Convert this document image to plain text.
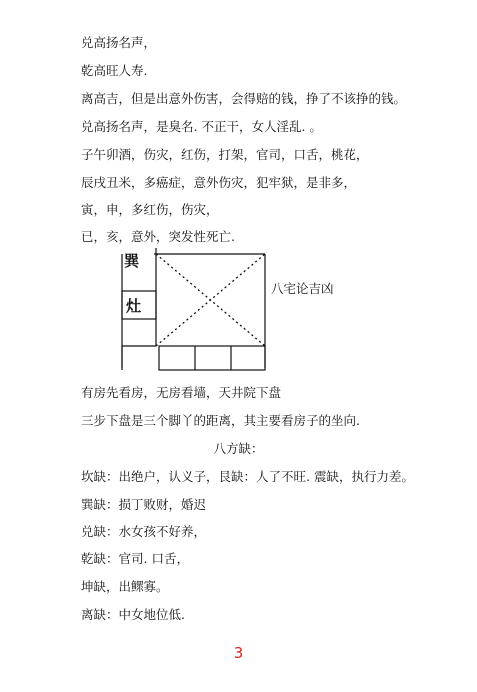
兑高扬名声，
乾高旺人寿.
离高吉，但是出意外伤害，会得赔的钱，挣了不该挣的钱。
兑高扬名声，是臭名. 不正干，女人淫乱. 。
子午卯酒，伤灾，红伤，打架，官司，口舌，桃花，
辰戌丑米，多癌症，意外伤灾，犯牢狱，是非多，
寅，申，多红伤，伤灾，
已，亥，意外，突发性死亡.
巽
灶
八宅论吉凶
有房先看房，无房看墙，天井院下盘
三步下盘是三个脚丫的距离，其主要看房子的坐向.
八方缺：
坎缺：出绝户，认义子，艮缺：人了不旺. 震缺，执行力差。
巽缺：损丁败财，婚迟
兑缺：水女孩不好养，
乾缺：官司. 口舌，
坤缺，出鳏寡。
离缺：中女地位低.
3
